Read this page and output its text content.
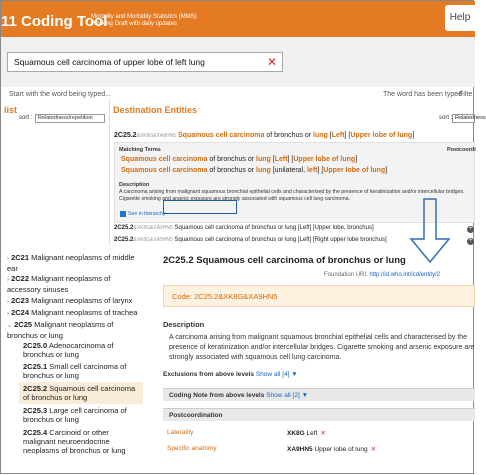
11 Coding Tool
Mortality and Morbidity Statistics (MMS)
Working Draft with daily updates
Help
Squamous cell carcinoma of upper lobe of left lung	✕
Start with the word being typed...	The word has been typed
Filte
list
sort :	Relatedness/repetition
Destination Entities
sort : Relatedness
2C25.2&XK8G&XA9HN5 Squamous cell carcinoma of bronchus or lung [Left] [Upper lobe of lung]
Matching Terms	Postcoordi
Squamous cell carcinoma of bronchus or lung [Left] [Upper lobe of lung]
Squamous cell carcinoma of bronchus or lung [unilateral, left] [Upper lobe of lung]
Description
A carcinoma arising from malignant squamous bronchial epithelial cells and characterised by the presence of keratinization and/or intercellular bridges. Cigarette smoking and arsenic exposure are strongly associated with squamous cell lung carcinoma.
See in hierarchy
2C25.2&XK8G&XA9HN5 Squamous cell carcinoma of bronchus or lung [Left] [Upper lobe, bronchus]	+
2C25.2&XK8G&XA9HN5 Squamous cell carcinoma of bronchus or lung [Left] [Right upper lobe bronchus]	+
› 2C21 Malignant neoplasms of middle ear
› 2C22 Malignant neoplasms of accessory sinuses
› 2C23 Malignant neoplasms of larynx
› 2C24 Malignant neoplasms of trachea
⌄ 2C25 Malignant neoplasms of bronchus or lung
2C25.0 Adenocarcinoma of bronchus or lung
2C25.1 Small cell carcinoma of bronchus or lung
2C25.2 Squamous cell carcinoma of bronchus or lung
2C25.3 Large cell carcinoma of bronchus or lung
2C25.4 Carcinoid or other malignant neuroendocrine neoplasms of bronchus or lung
2C25.2 Squamous cell carcinoma of bronchus or lung
Foundation URI: http://id.who.int/icd/entity/2
Code: 2C25.2&XK8G&XA9HN5
Description
A carcinoma arising from malignant squamous bronchial epithelial cells and characterised by the presence of keratinization and/or intercellular bridges. Cigarette smoking and arsenic exposure are strongly associated with squamous cell lung carcinoma.
Exclusions from above levels Show all [4] ▼
Coding Note from above levels Show all [2] ▼
Postcoordination
Laterality	XK8G Left ✕
Specific anatomy	XA9HN5 Upper lobe of lung ✕
